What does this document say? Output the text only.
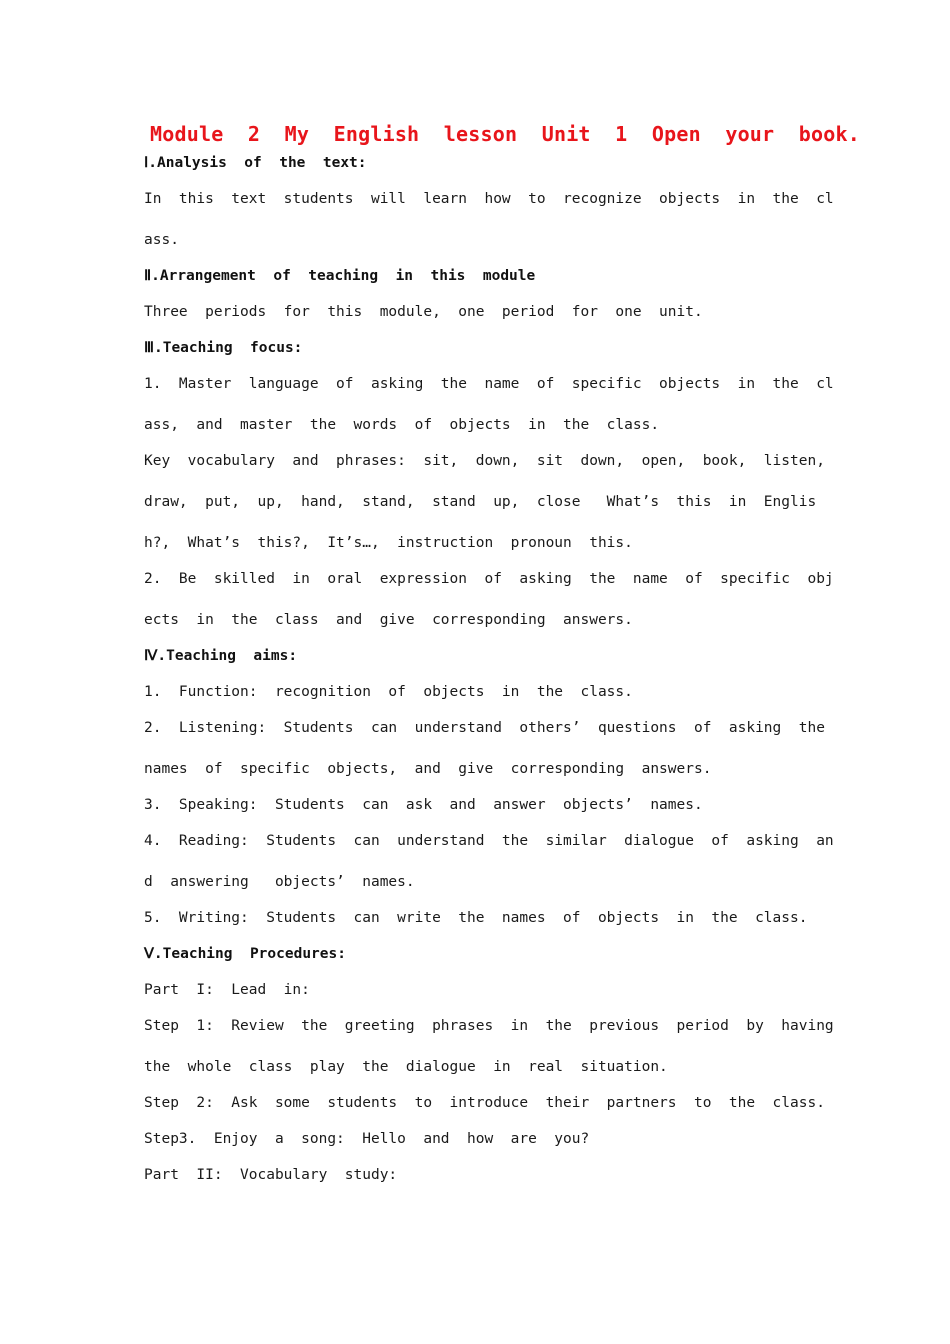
Module  2  My  English  lesson  Unit  1  Open  your  book.
Ⅰ.Analysis  of  the  text:
In  this  text  students  will  learn  how  to  recognize  objects  in  the  cl
ass.
Ⅱ.Arrangement  of  teaching  in  this  module
Three  periods  for  this  module,  one  period  for  one  unit.
Ⅲ.Teaching  focus:
1.  Master  language  of  asking  the  name  of  specific  objects  in  the  cl
ass,  and  master  the  words  of  objects  in  the  class.
Key  vocabulary  and  phrases:  sit,  down,  sit  down,  open,  book,  listen,
draw,  put,  up,  hand,  stand,  stand  up,  close   What’s  this  in  Englis
h?,  What’s  this?,  It’s…,  instruction  pronoun  this.
2.  Be  skilled  in  oral  expression  of  asking  the  name  of  specific  obj
ects  in  the  class  and  give  corresponding  answers.
Ⅳ.Teaching  aims:
1.  Function:  recognition  of  objects  in  the  class.
2.  Listening:  Students  can  understand  others’  questions  of  asking  the
names  of  specific  objects,  and  give  corresponding  answers.
3.  Speaking:  Students  can  ask  and  answer  objects’  names.
4.  Reading:  Students  can  understand  the  similar  dialogue  of  asking  an
d  answering   objects’  names.
5.  Writing:  Students  can  write  the  names  of  objects  in  the  class.
Ⅴ.Teaching  Procedures:
Part  I:  Lead  in:
Step  1:  Review  the  greeting  phrases  in  the  previous  period  by  having
the  whole  class  play  the  dialogue  in  real  situation.
Step  2:  Ask  some  students  to  introduce  their  partners  to  the  class.
Step3.  Enjoy  a  song:  Hello  and  how  are  you?
Part  II:  Vocabulary  study:
